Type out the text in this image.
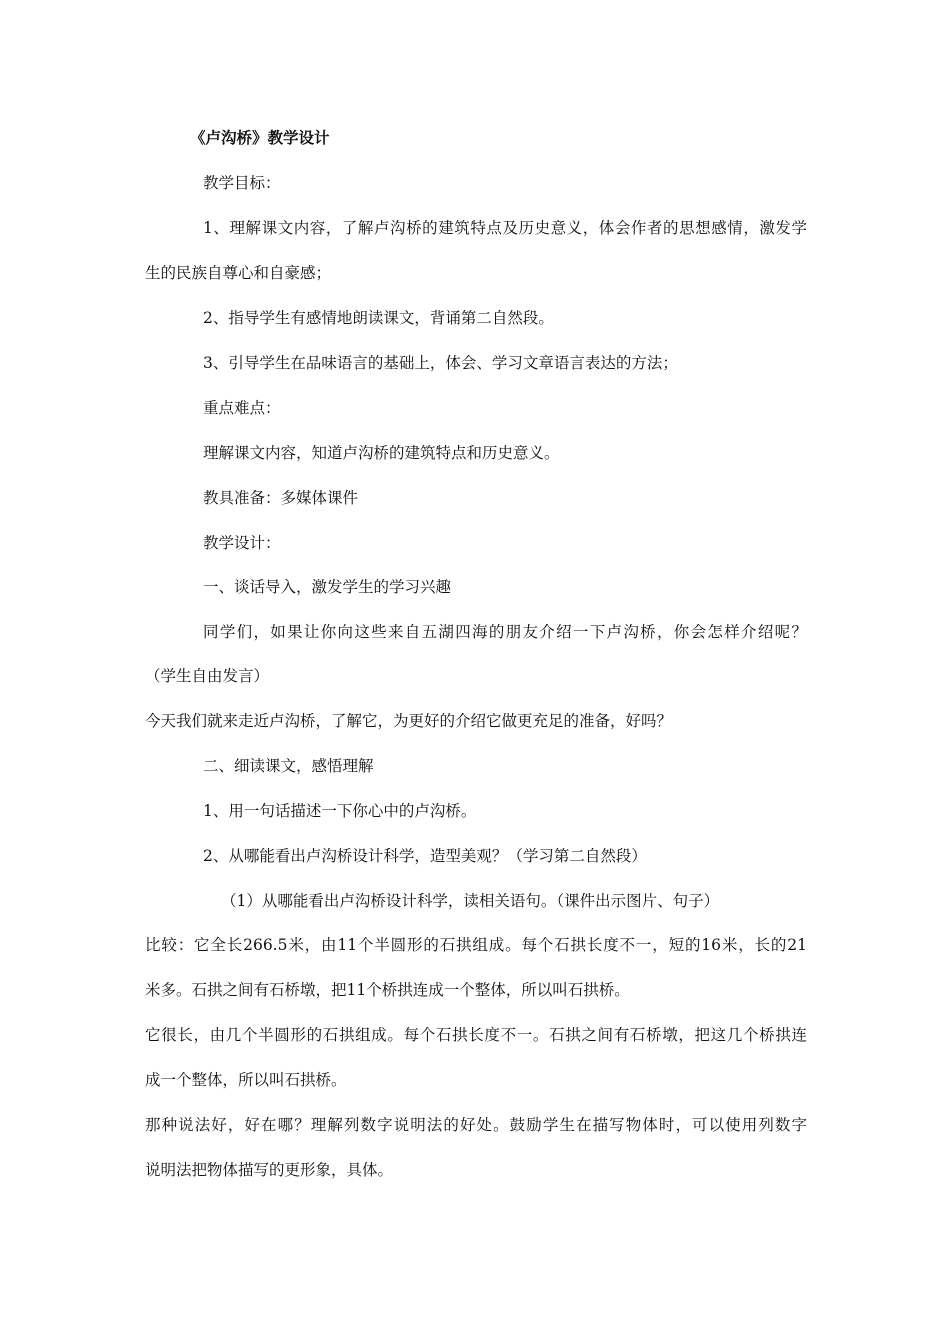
《卢沟桥》教学设计
教学目标：
1、理解课文内容，了解卢沟桥的建筑特点及历史意义，体会作者的思想感情，激发学
生的民族自尊心和自豪感；
2、指导学生有感情地朗读课文，背诵第二自然段。
3、引导学生在品味语言的基础上，体会、学习文章语言表达的方法；
重点难点：
理解课文内容，知道卢沟桥的建筑特点和历史意义。
教具准备：多媒体课件
教学设计：
一、谈话导入，激发学生的学习兴趣
同学们，如果让你向这些来自五湖四海的朋友介绍一下卢沟桥，你会怎样介绍呢？
（学生自由发言）
今天我们就来走近卢沟桥，了解它，为更好的介绍它做更充足的准备，好吗？
二、细读课文，感悟理解
1、用一句话描述一下你心中的卢沟桥。
2、从哪能看出卢沟桥设计科学，造型美观？（学习第二自然段）
（1）从哪能看出卢沟桥设计科学，读相关语句。（课件出示图片、句子）
比较：它全长266.5米，由11个半圆形的石拱组成。每个石拱长度不一，短的16米，长的21
米多。石拱之间有石桥墩，把11个桥拱连成一个整体，所以叫石拱桥。
它很长，由几个半圆形的石拱组成。每个石拱长度不一。石拱之间有石桥墩，把这几个桥拱连
成一个整体，所以叫石拱桥。
那种说法好，好在哪？理解列数字说明法的好处。鼓励学生在描写物体时，可以使用列数字
说明法把物体描写的更形象，具体。
